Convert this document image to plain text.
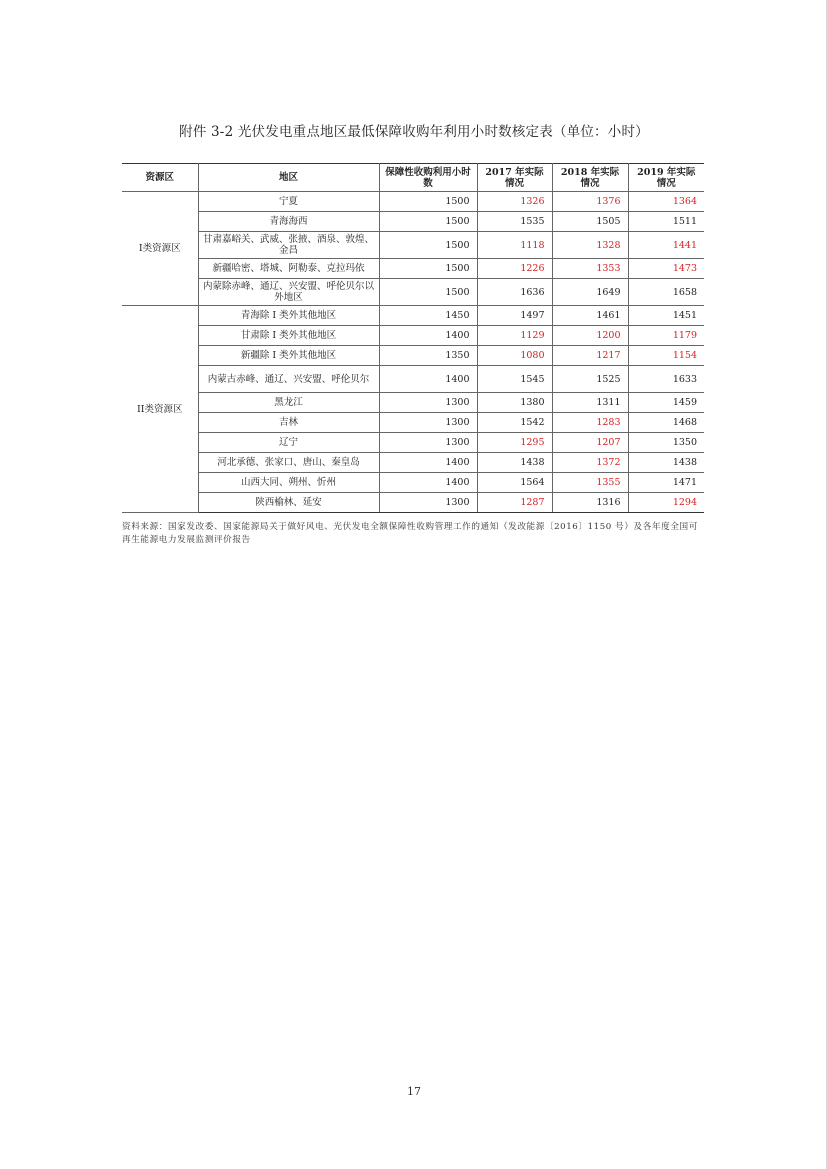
附件 3-2 光伏发电重点地区最低保障收购年利用小时数核定表（单位：小时）
资源区	地区	保障性收购利用小时数	2017 年实际情况	2018 年实际情况	2019 年实际情况
I类资源区	宁夏	1500	1326	1376	1364
	青海海西	1500	1535	1505	1511
	甘肃嘉峪关、武威、张掖、酒泉、敦煌、金昌	1500	1118	1328	1441
	新疆哈密、塔城、阿勒泰、克拉玛依	1500	1226	1353	1473
	内蒙除赤峰、通辽、兴安盟、呼伦贝尔以外地区	1500	1636	1649	1658
II类资源区	青海除 I 类外其他地区	1450	1497	1461	1451
	甘肃除 I 类外其他地区	1400	1129	1200	1179
	新疆除 I 类外其他地区	1350	1080	1217	1154
	内蒙古赤峰、通辽、兴安盟、呼伦贝尔	1400	1545	1525	1633
	黑龙江	1300	1380	1311	1459
	吉林	1300	1542	1283	1468
	辽宁	1300	1295	1207	1350
	河北承德、张家口、唐山、秦皇岛	1400	1438	1372	1438
	山西大同、朔州、忻州	1400	1564	1355	1471
	陕西榆林、延安	1300	1287	1316	1294
资料来源：国家发改委、国家能源局关于做好风电、光伏发电全额保障性收购管理工作的通知（发改能源〔2016〕1150 号）及各年度全国可再生能源电力发展监测评价报告
17
